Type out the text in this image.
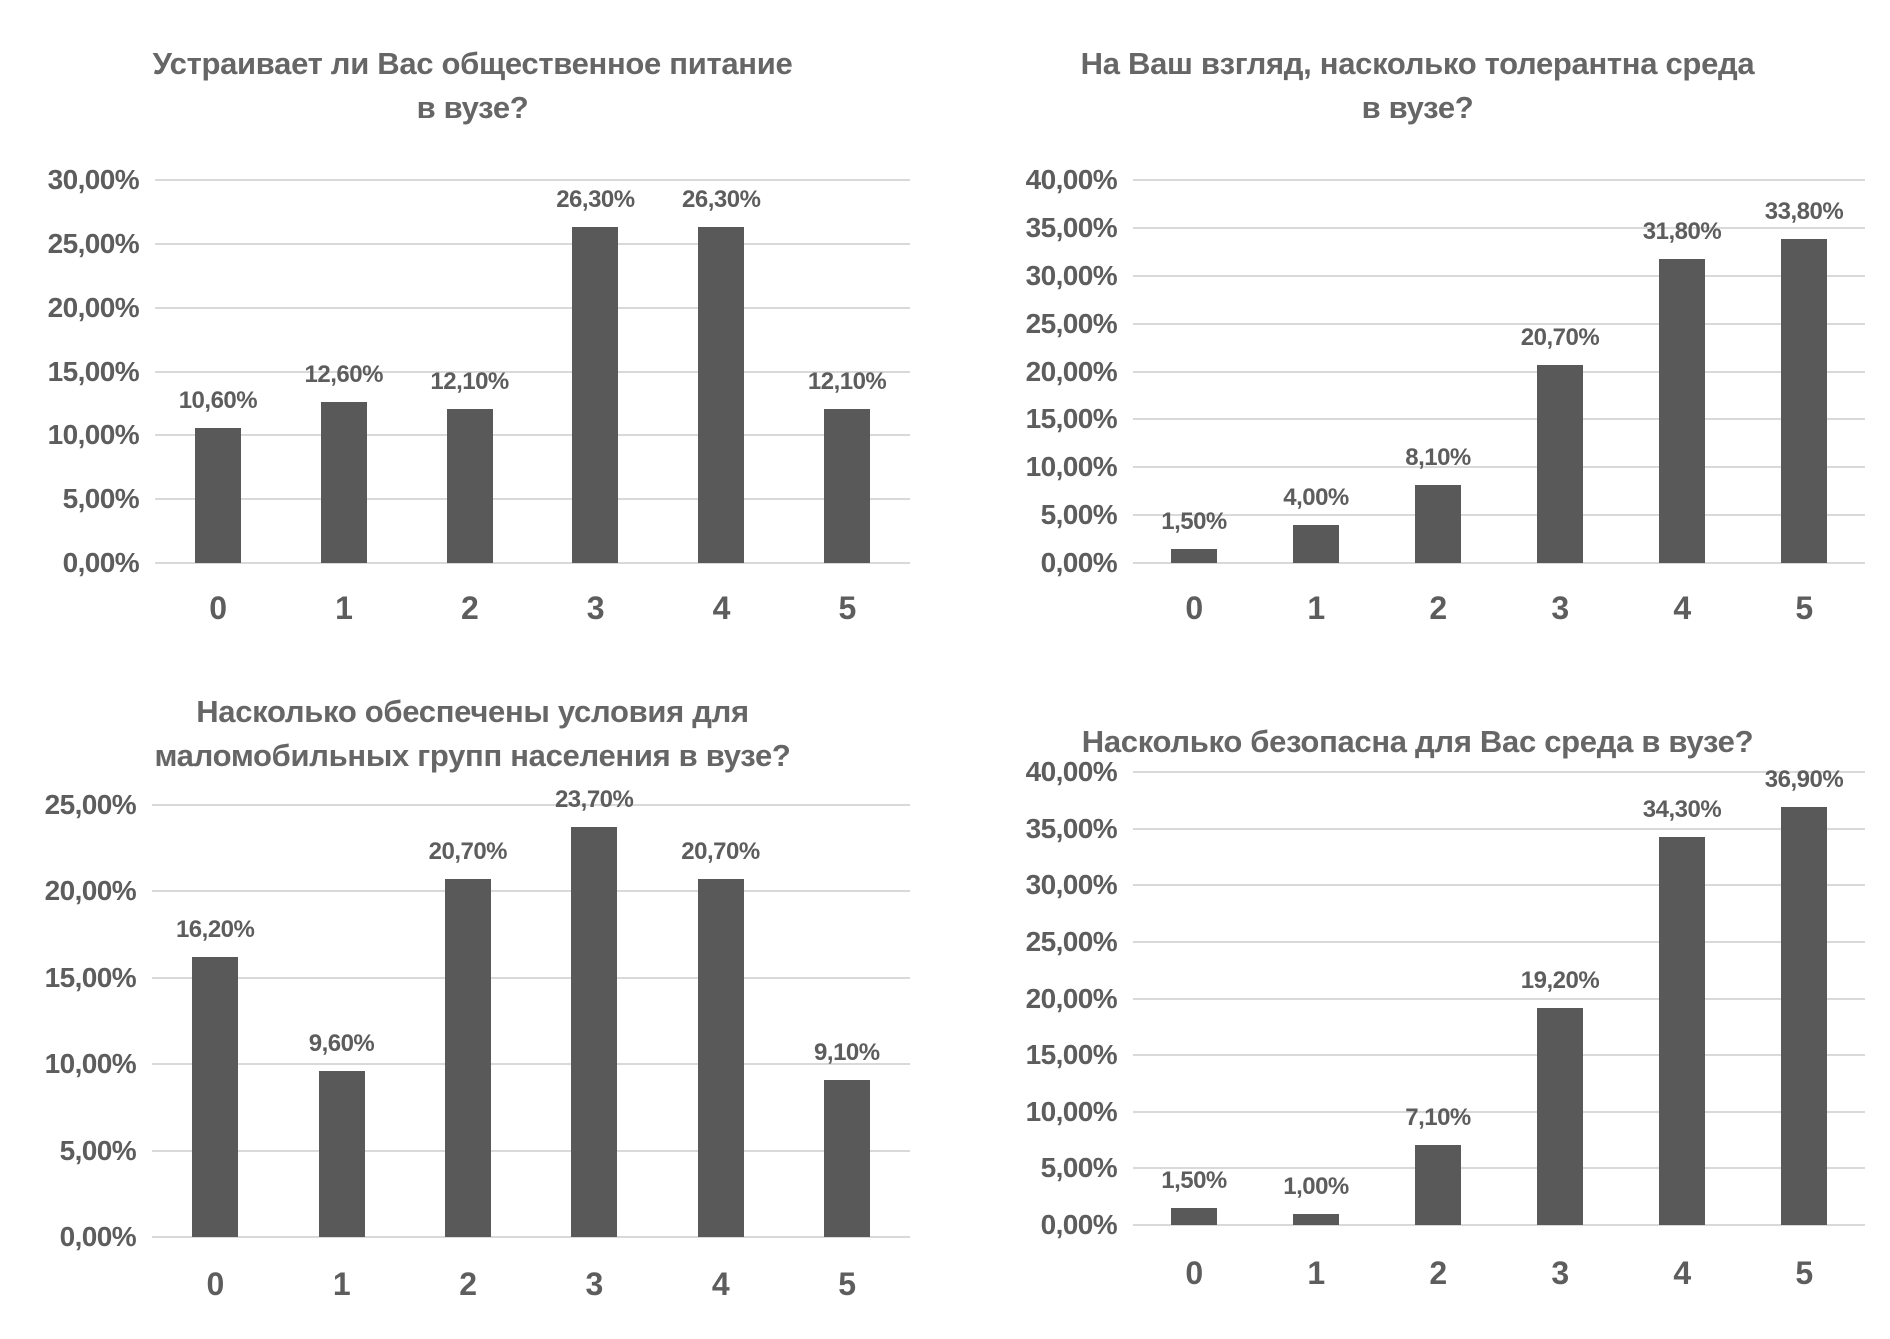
Устраивает ли Вас общественное питание в вузе?
0,00%
5,00%
10,00%
15,00%
20,00%
25,00%
30,00%
10,60%
0
12,60%
1
12,10%
2
26,30%
3
26,30%
4
12,10%
5
На Ваш взгляд, насколько толерантна среда в вузе?
0,00%
5,00%
10,00%
15,00%
20,00%
25,00%
30,00%
35,00%
40,00%
1,50%
0
4,00%
1
8,10%
2
20,70%
3
31,80%
4
33,80%
5
Насколько обеспечены условия для маломобильных групп населения в вузе?
0,00%
5,00%
10,00%
15,00%
20,00%
25,00%
16,20%
0
9,60%
1
20,70%
2
23,70%
3
20,70%
4
9,10%
5
Насколько безопасна для Вас среда в вузе?
0,00%
5,00%
10,00%
15,00%
20,00%
25,00%
30,00%
35,00%
40,00%
1,50%
0
1,00%
1
7,10%
2
19,20%
3
34,30%
4
36,90%
5
